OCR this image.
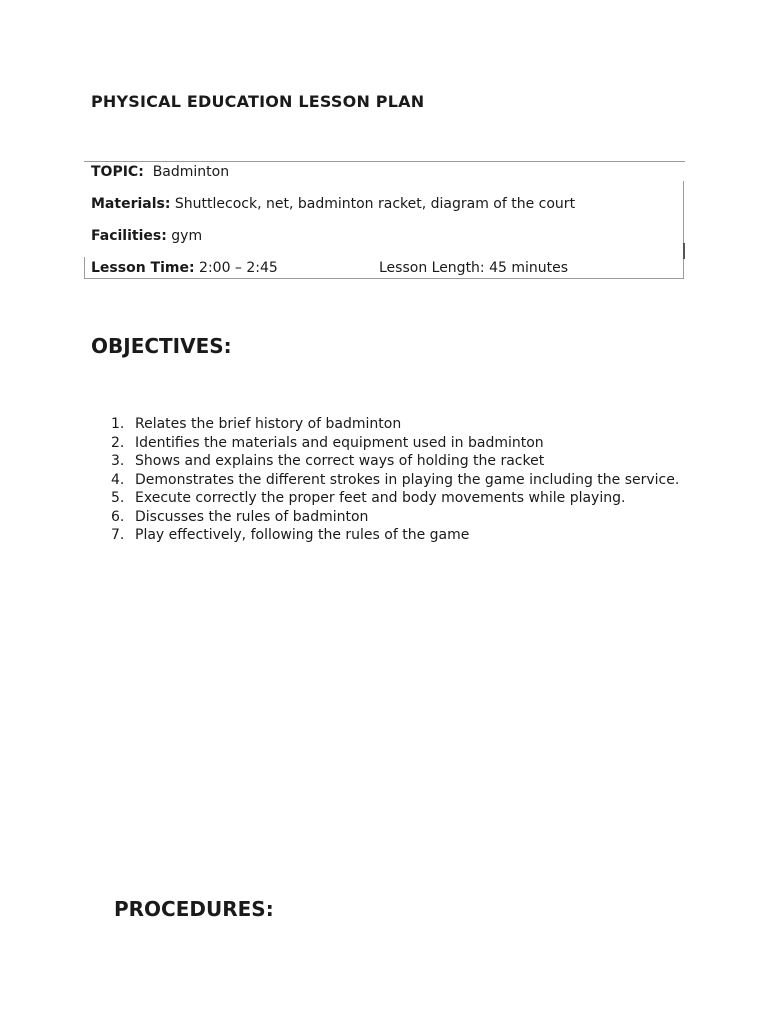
PHYSICAL EDUCATION LESSON PLAN
TOPIC: Badminton
Materials: Shuttlecock, net, badminton racket, diagram of the court
Facilities: gym
Lesson Time: 2:00 – 2:45	Lesson Length: 45 minutes
OBJECTIVES:
1. Relates the brief history of badminton
2. Identifies the materials and equipment used in badminton
3. Shows and explains the correct ways of holding the racket
4. Demonstrates the different strokes in playing the game including the service.
5. Execute correctly the proper feet and body movements while playing.
6. Discusses the rules of badminton
7. Play effectively, following the rules of the game
PROCEDURES:
